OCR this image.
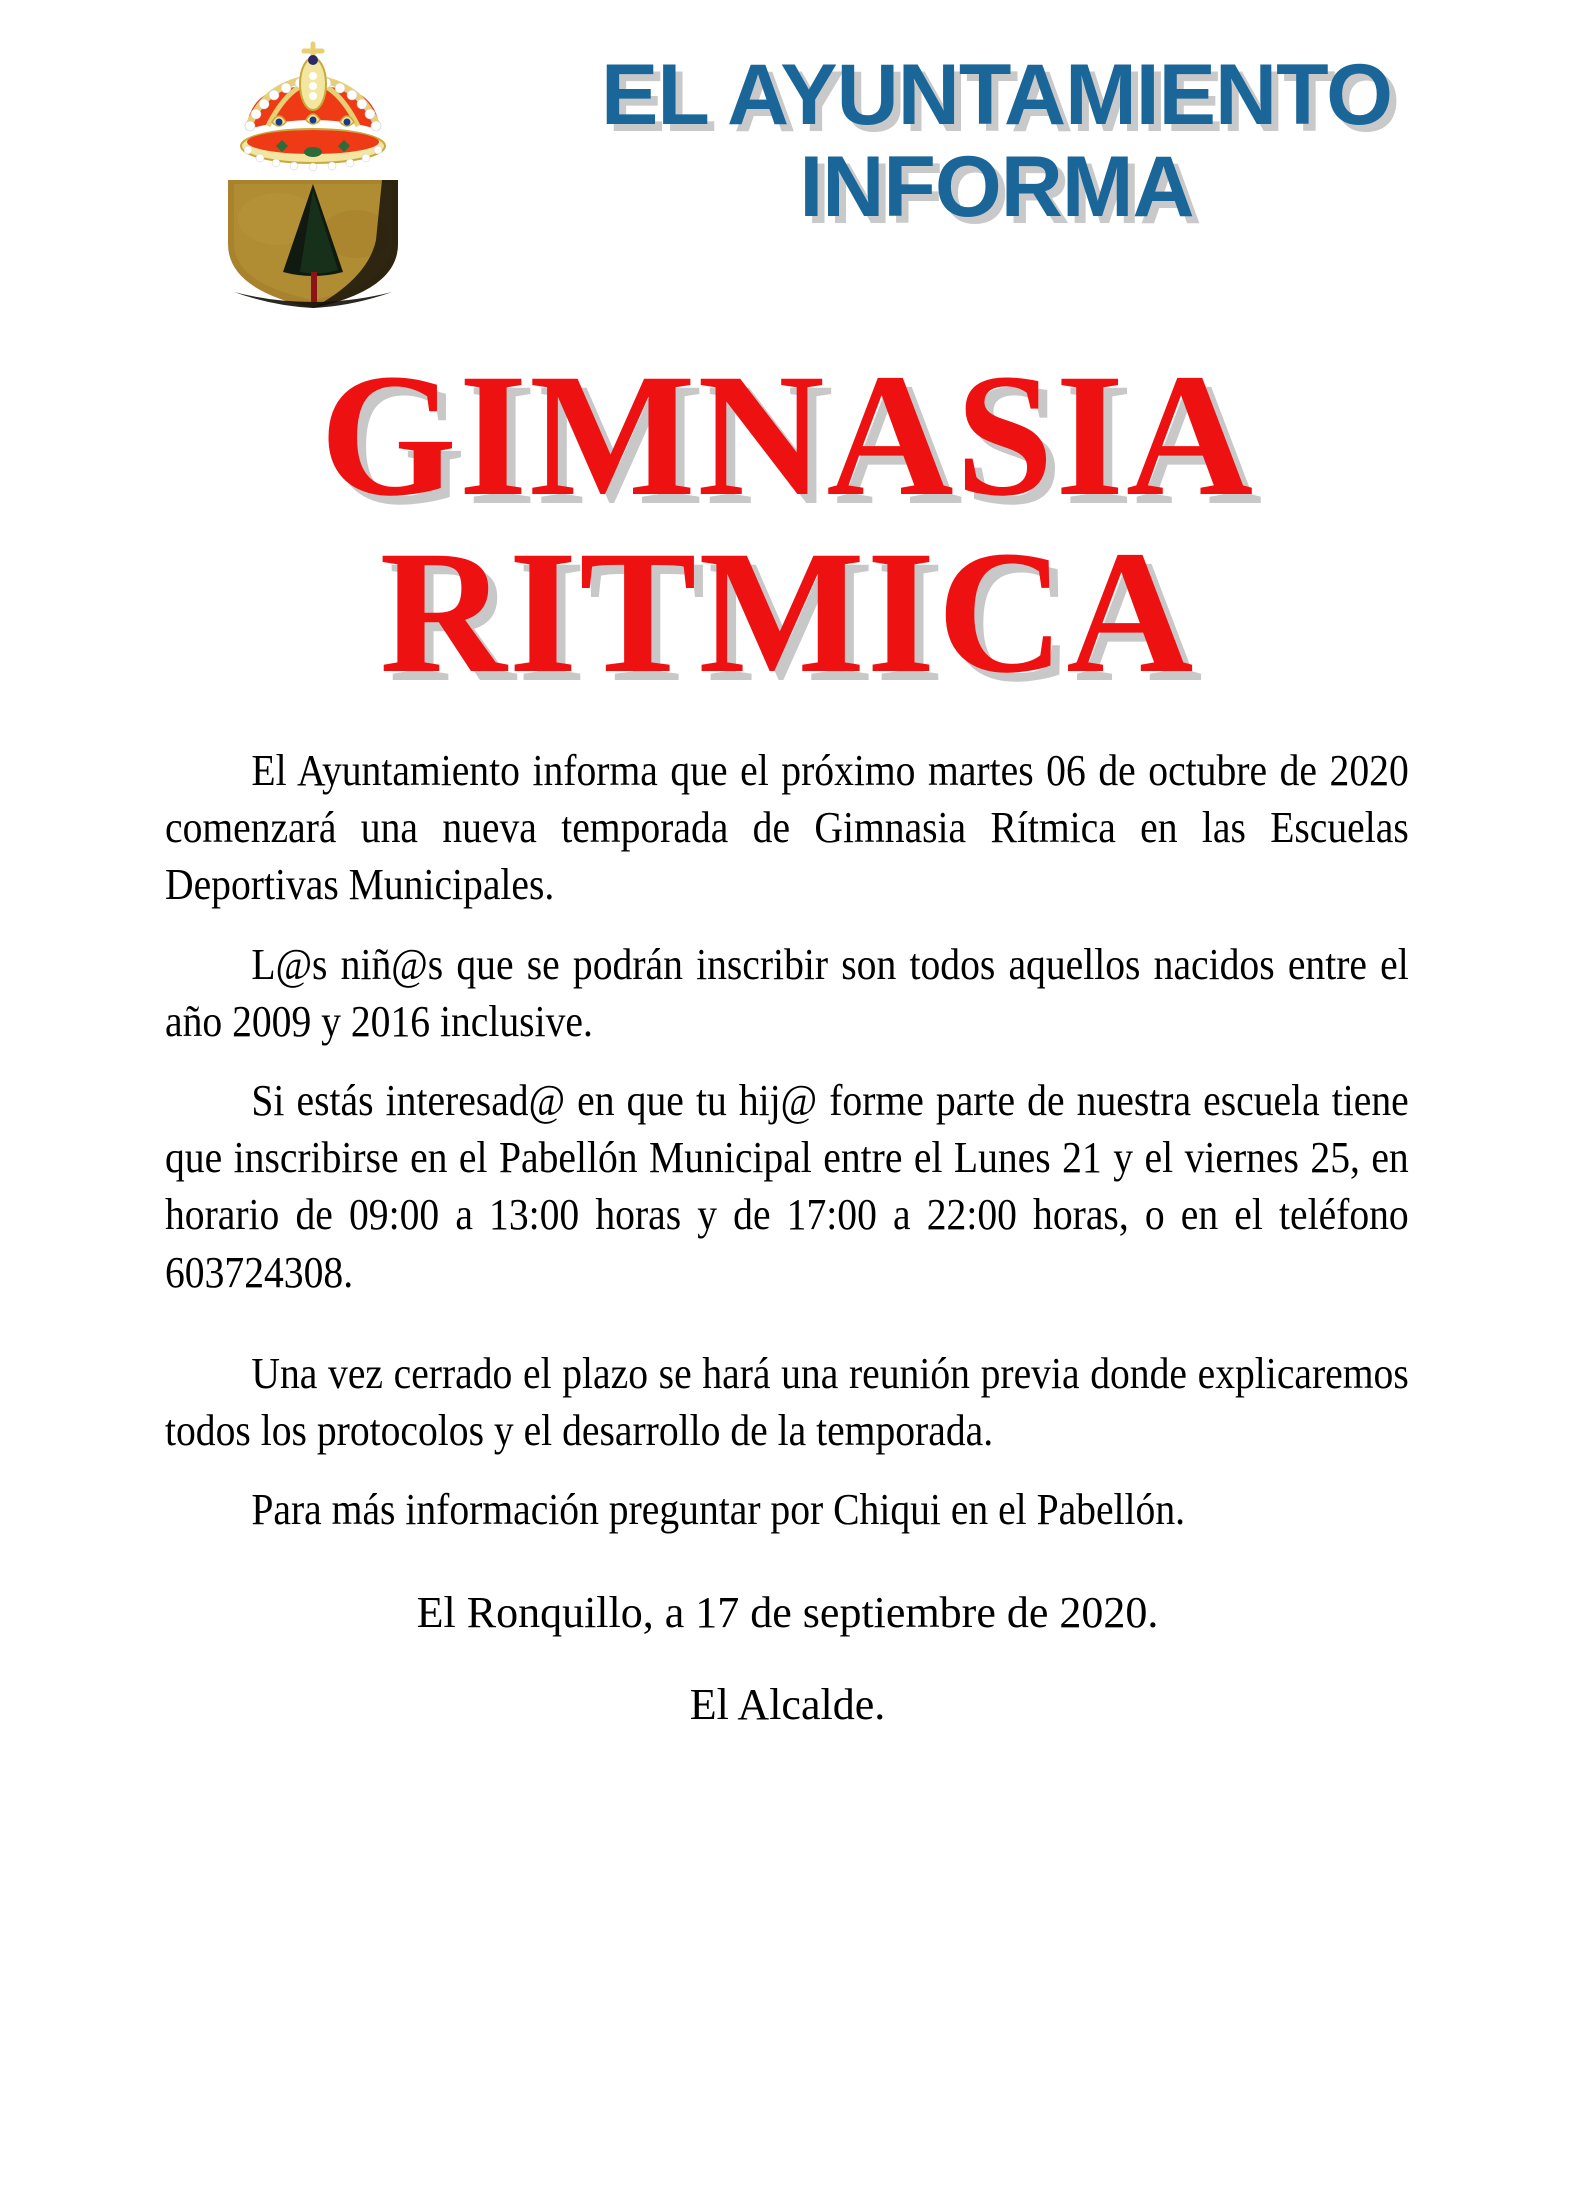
EL AYUNTAMIENTO
INFORMA
GIMNASIA
RITMICA

El Ayuntamiento informa que el próximo martes 06 de octubre de 2020 comenzará una nueva temporada de Gimnasia Rítmica en las Escuelas Deportivas Municipales.

L@s niñ@s que se podrán inscribir son todos aquellos nacidos entre el año 2009 y 2016 inclusive.

Si estás interesad@ en que tu hij@ forme parte de nuestra escuela tiene que inscribirse en el Pabellón Municipal entre el Lunes 21 y el viernes 25, en horario de 09:00 a 13:00 horas y de 17:00 a 22:00 horas, o en el teléfono 603724308.

Una vez cerrado el plazo se hará una reunión previa donde explicaremos todos los protocolos y el desarrollo de la temporada.

Para más información preguntar por Chiqui en el Pabellón.

El Ronquillo, a 17 de septiembre de 2020.
El Alcalde.
